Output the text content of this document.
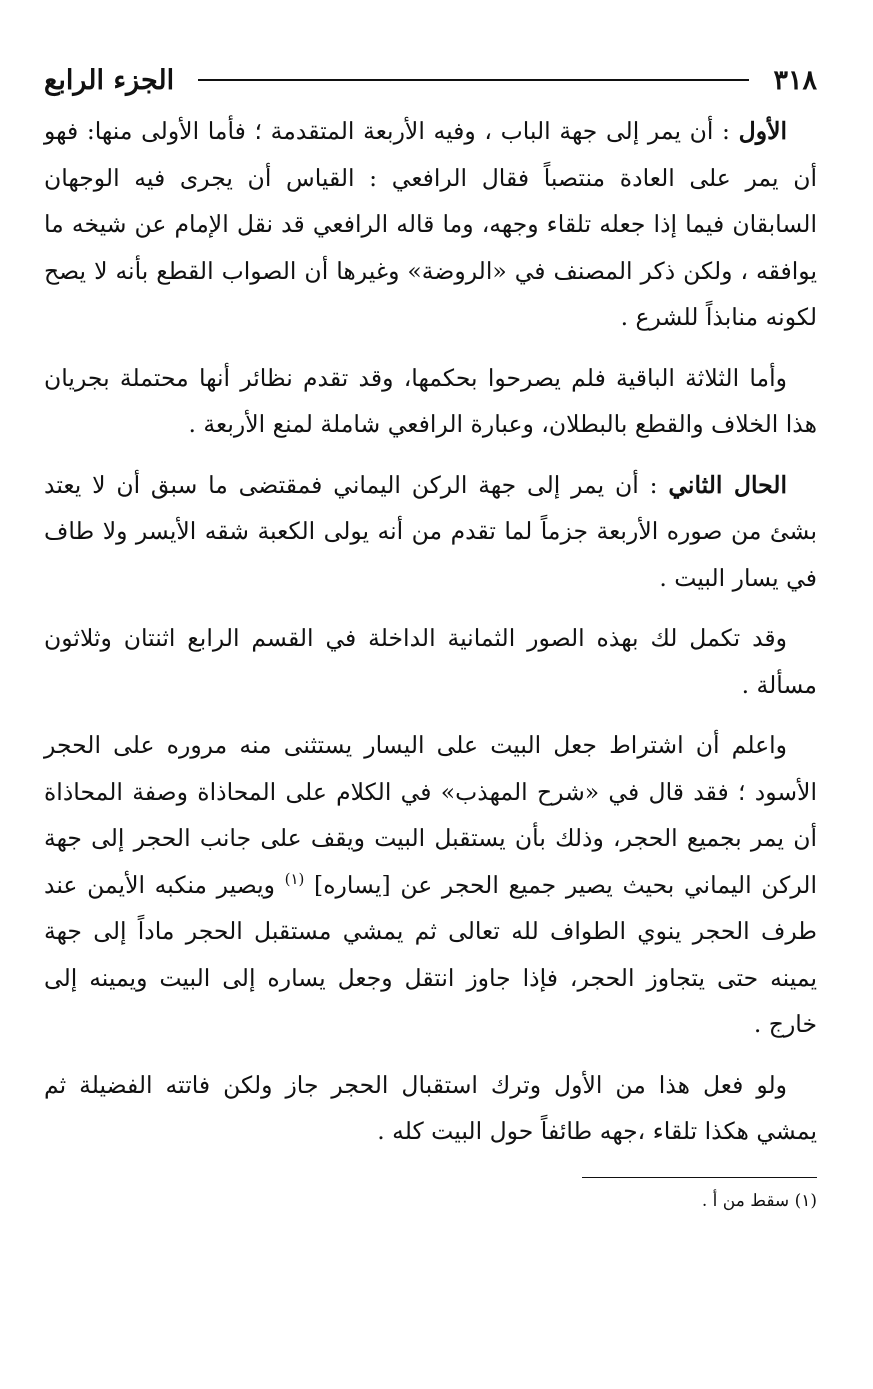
٣١٨
الجزء الرابع

الأول : أن يمر إلى جهة الباب ، وفيه الأربعة المتقدمة ؛ فأما الأولى منها: فهو أن يمر على العادة منتصباً فقال الرافعي : القياس أن يجرى فيه الوجهان السابقان فيما إذا جعله تلقاء وجهه، وما قاله الرافعي قد نقل الإمام عن شيخه ما يوافقه ، ولكن ذكر المصنف في «الروضة» وغيرها أن الصواب القطع بأنه لا يصح لكونه منابذاً للشرع .

وأما الثلاثة الباقية فلم يصرحوا بحكمها، وقد تقدم نظائر أنها محتملة بجريان هذا الخلاف والقطع بالبطلان، وعبارة الرافعي شاملة لمنع الأربعة .

الحال الثاني : أن يمر إلى جهة الركن اليماني فمقتضى ما سبق أن لا يعتد بشئ من صوره الأربعة جزماً لما تقدم من أنه يولى الكعبة شقه الأيسر ولا طاف في يسار البيت .

وقد تكمل لك بهذه الصور الثمانية الداخلة في القسم الرابع اثنتان وثلاثون مسألة .

واعلم أن اشتراط جعل البيت على اليسار يستثنى منه مروره على الحجر الأسود ؛ فقد قال في «شرح المهذب» في الكلام على المحاذاة وصفة المحاذاة أن يمر بجميع الحجر، وذلك بأن يستقبل البيت ويقف على جانب الحجر إلى جهة الركن اليماني بحيث يصير جميع الحجر عن [يساره] $^{(١)}$ ويصير منكبه الأيمن عند طرف الحجر ينوي الطواف لله تعالى ثم يمشي مستقبل الحجر ماداً إلى جهة يمينه حتى يتجاوز الحجر، فإذا جاوز انتقل وجعل يساره إلى البيت ويمينه إلى خارج .

ولو فعل هذا من الأول وترك استقبال الحجر جاز ولكن فاتته الفضيلة ثم يمشي هكذا تلقاء ،جهه طائفاً حول البيت كله .

(١) سقط من أ .
